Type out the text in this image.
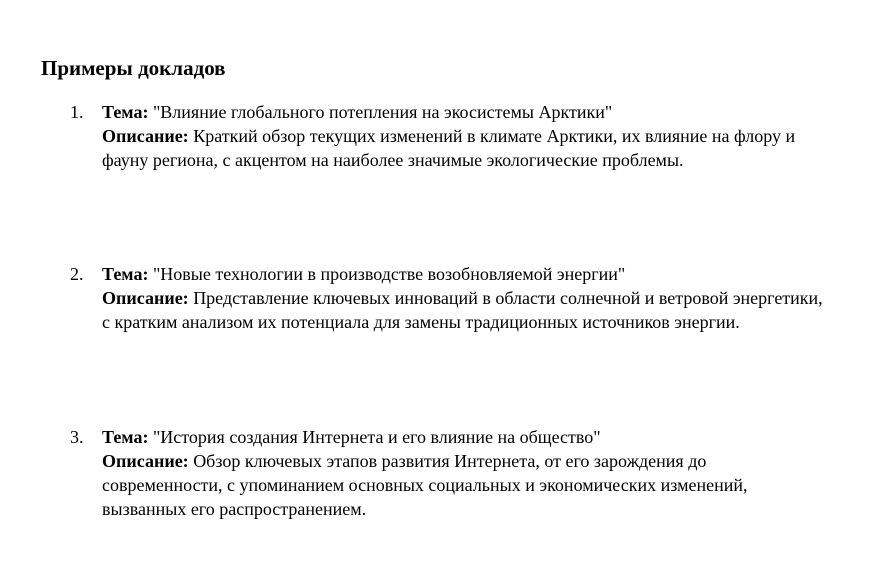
Примеры докладов
1.	Тема: "Влияние глобального потепления на экосистемы Арктики"
Описание: Краткий обзор текущих изменений в климате Арктики, их влияние на флору и фауну региона, с акцентом на наиболее значимые экологические проблемы.
2.	Тема: "Новые технологии в производстве возобновляемой энергии"
Описание: Представление ключевых инноваций в области солнечной и ветровой энергетики, с кратким анализом их потенциала для замены традиционных источников энергии.
3.	Тема: "История создания Интернета и его влияние на общество"
Описание: Обзор ключевых этапов развития Интернета, от его зарождения до современности, с упоминанием основных социальных и экономических изменений, вызванных его распространением.
